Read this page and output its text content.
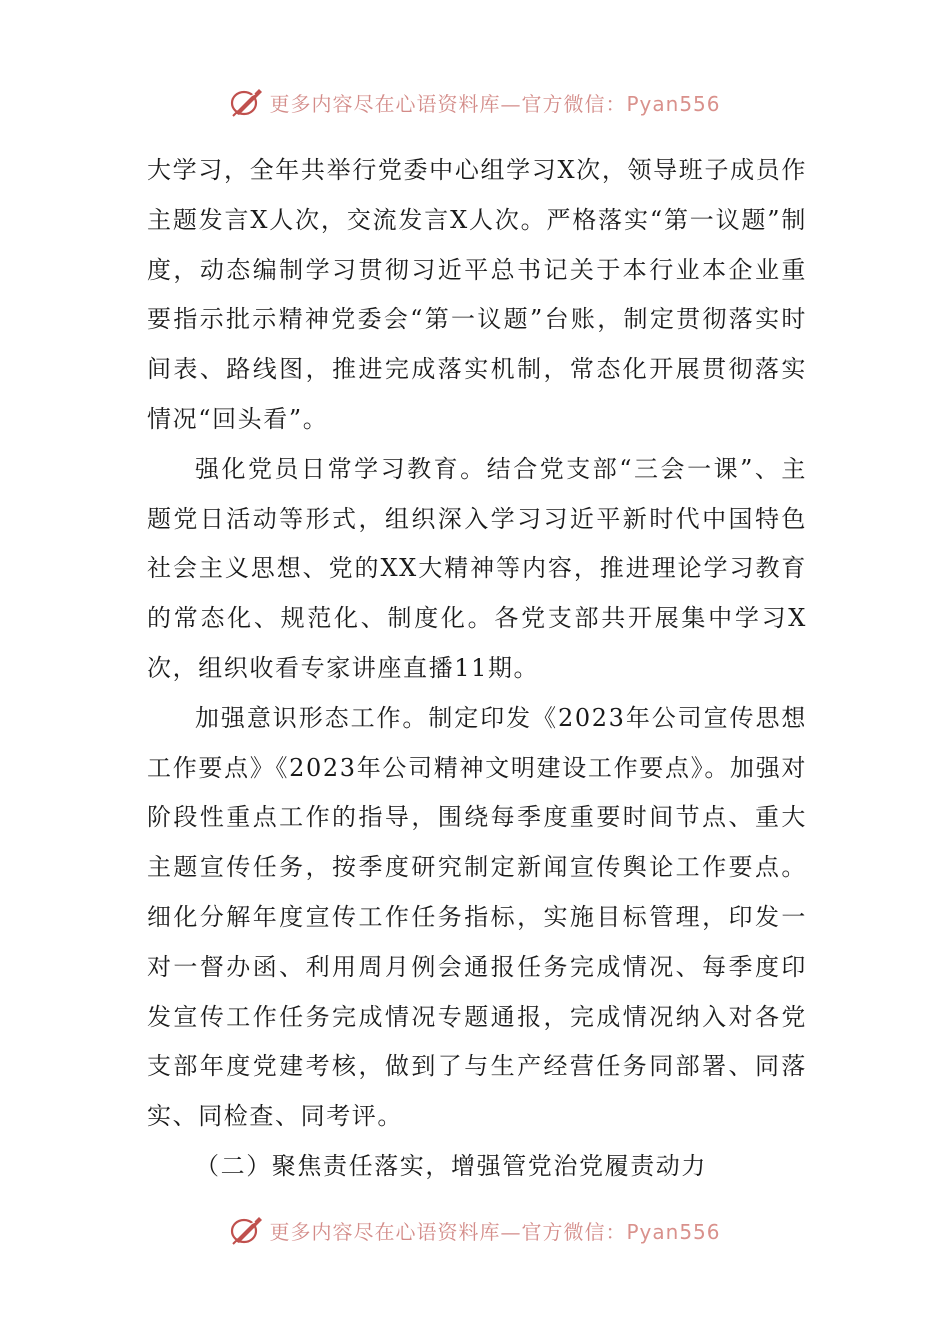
更多内容尽在心语资料库—官方微信：Pyan556

大学习，全年共举行党委中心组学习X次，领导班子成员作主题发言X人次，交流发言X人次。严格落实“第一议题”制度，动态编制学习贯彻习近平总书记关于本行业本企业重要指示批示精神党委会“第一议题”台账，制定贯彻落实时间表、路线图，推进完成落实机制，常态化开展贯彻落实情况“回头看”。

强化党员日常学习教育。结合党支部“三会一课”、主题党日活动等形式，组织深入学习习近平新时代中国特色社会主义思想、党的XX大精神等内容，推进理论学习教育的常态化、规范化、制度化。各党支部共开展集中学习X次，组织收看专家讲座直播11期。

加强意识形态工作。制定印发《2023年公司宣传思想工作要点》《2023年公司精神文明建设工作要点》。加强对阶段性重点工作的指导，围绕每季度重要时间节点、重大主题宣传任务，按季度研究制定新闻宣传舆论工作要点。细化分解年度宣传工作任务指标，实施目标管理，印发一对一督办函、利用周月例会通报任务完成情况、每季度印发宣传工作任务完成情况专题通报，完成情况纳入对各党支部年度党建考核，做到了与生产经营任务同部署、同落实、同检查、同考评。

（二）聚焦责任落实，增强管党治党履责动力

更多内容尽在心语资料库—官方微信：Pyan556
